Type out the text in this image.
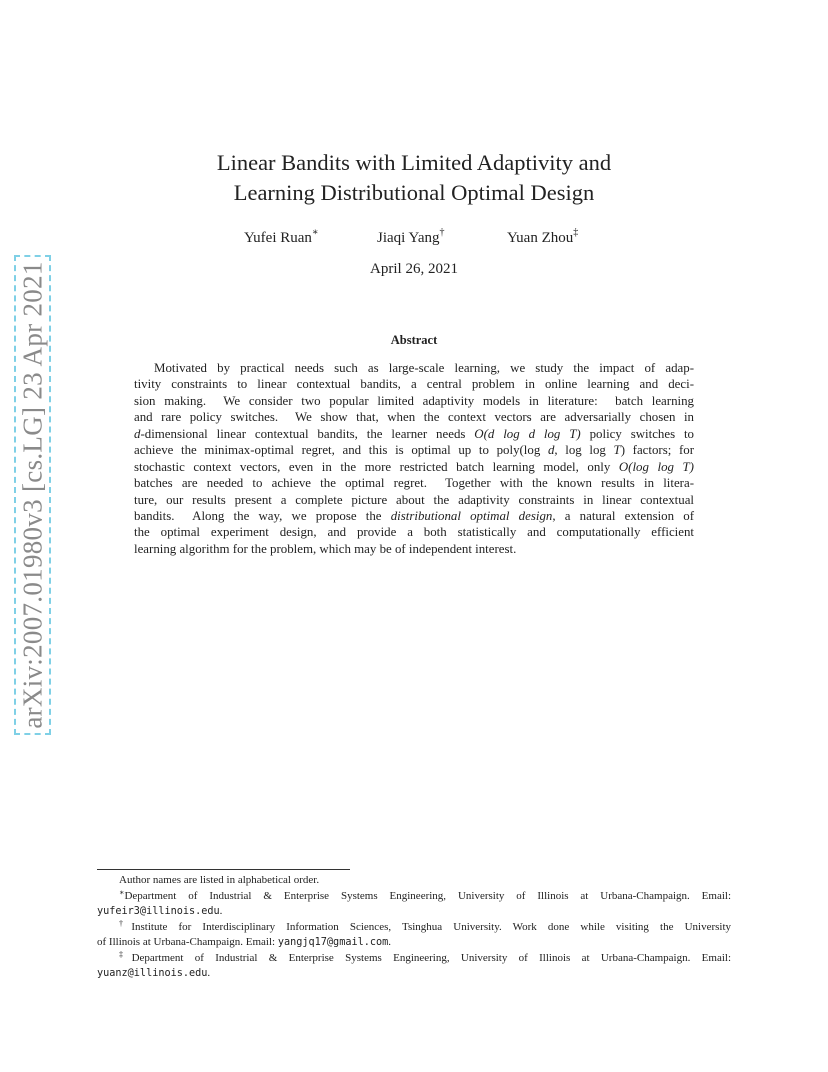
arXiv:2007.01980v3 [cs.LG] 23 Apr 2021
Linear Bandits with Limited Adaptivity and
Learning Distributional Optimal Design
Yufei Ruan∗	Jiaqi Yang†	Yuan Zhou‡
April 26, 2021
Abstract
Motivated by practical needs such as large-scale learning, we study the impact of adap-
tivity constraints to linear contextual bandits, a central problem in online learning and deci-
sion making.  We consider two popular limited adaptivity models in literature:  batch learning
and rare policy switches.  We show that, when the context vectors are adversarially chosen in
d-dimensional linear contextual bandits, the learner needs O(d log d log T) policy switches to
achieve the minimax-optimal regret, and this is optimal up to poly(log d, log log T) factors; for
stochastic context vectors, even in the more restricted batch learning model, only O(log log T)
batches are needed to achieve the optimal regret.  Together with the known results in litera-
ture, our results present a complete picture about the adaptivity constraints in linear contextual
bandits.  Along the way, we propose the distributional optimal design, a natural extension of
the optimal experiment design, and provide a both statistically and computationally efficient
learning algorithm for the problem, which may be of independent interest.
Author names are listed in alphabetical order.
∗Department of Industrial & Enterprise Systems Engineering, University of Illinois at Urbana-Champaign. Email:
yufeir3@illinois.edu.
†Institute for Interdisciplinary Information Sciences, Tsinghua University. Work done while visiting the University
of Illinois at Urbana-Champaign. Email: yangjq17@gmail.com.
‡Department of Industrial & Enterprise Systems Engineering, University of Illinois at Urbana-Champaign. Email:
yuanz@illinois.edu.
